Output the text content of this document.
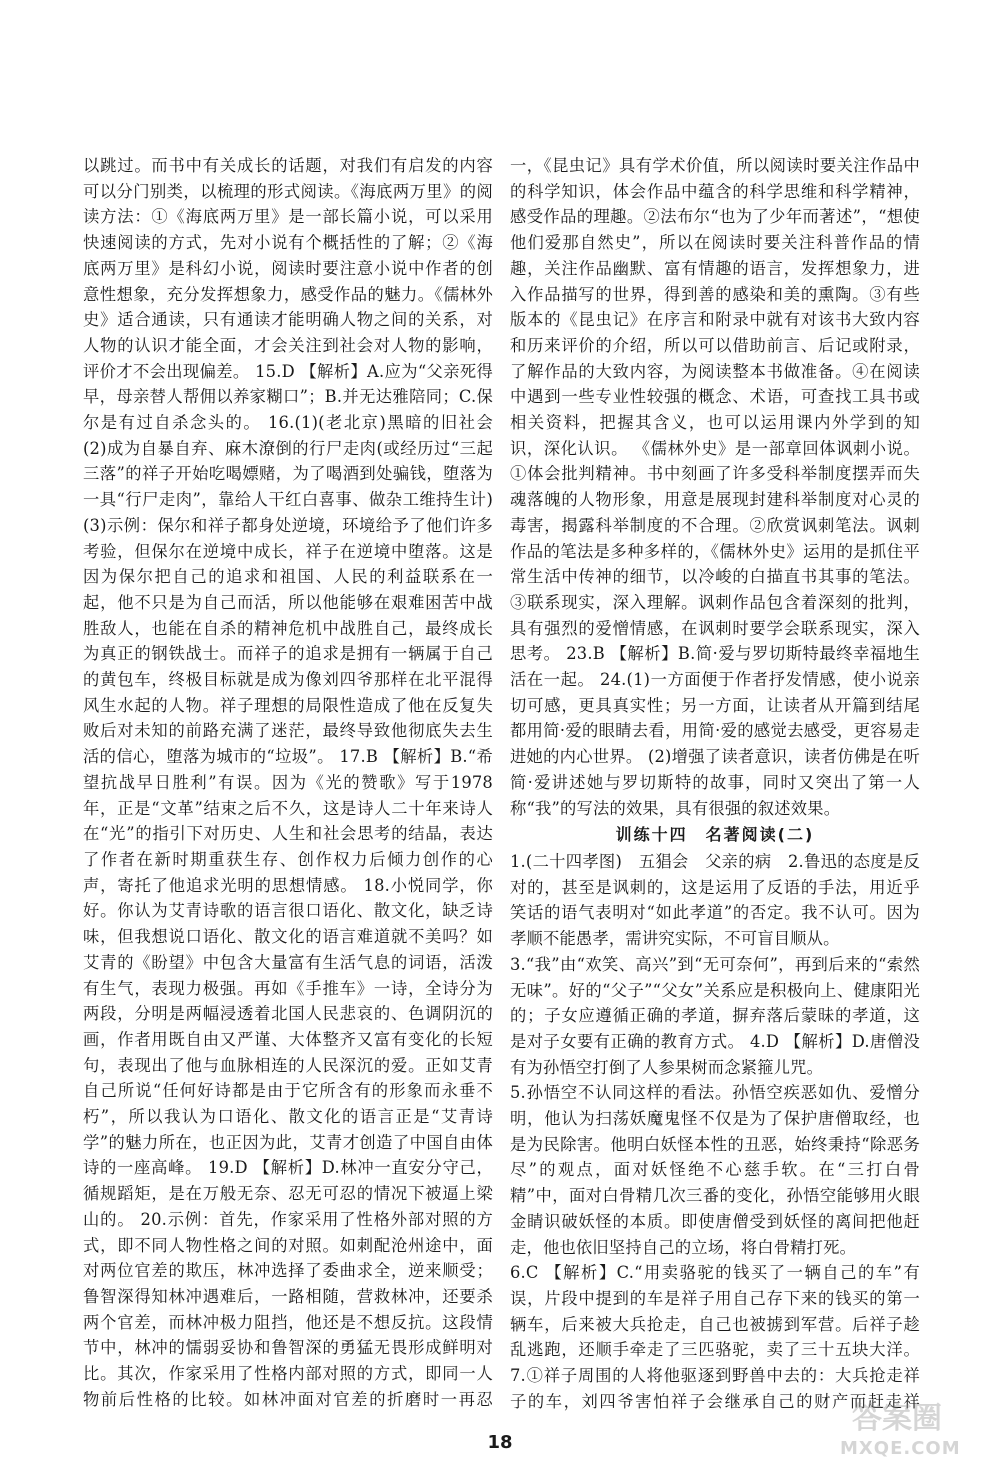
以跳过。而书中有关成长的话题，对我们有启发的内容可以分门别类，以梳理的形式阅读。《海底两万里》的阅读方法：①《海底两万里》是一部长篇小说，可以采用快速阅读的方式，先对小说有个概括性的了解；②《海底两万里》是科幻小说，阅读时要注意小说中作者的创意性想象，充分发挥想象力，感受作品的魅力。《儒林外史》适合通读，只有通读才能明确人物之间的关系，对人物的认识才能全面，才会关注到社会对人物的影响，评价才不会出现偏差。 15.D 【解析】A.应为“父亲死得早，母亲替人帮佣以养家糊口”；B.并无达雅陪同；C.保尔是有过自杀念头的。 16.(1)(老北京)黑暗的旧社会 (2)成为自暴自弃、麻木潦倒的行尸走肉(或经历过“三起三落”的祥子开始吃喝嫖赌，为了喝酒到处骗钱，堕落为一具“行尸走肉”，靠给人干红白喜事、做杂工维持生计) (3)示例：保尔和祥子都身处逆境，环境给予了他们许多考验，但保尔在逆境中成长，祥子在逆境中堕落。这是因为保尔把自己的追求和祖国、人民的利益联系在一起，他不只是为自己而活，所以他能够在艰难困苦中战胜敌人，也能在自杀的精神危机中战胜自己，最终成长为真正的钢铁战士。而祥子的追求是拥有一辆属于自己的黄包车，终极目标就是成为像刘四爷那样在北平混得风生水起的人物。祥子理想的局限性造成了他在反复失败后对未知的前路充满了迷茫，最终导致他彻底失去生活的信心，堕落为城市的“垃圾”。 17.B 【解析】B.“希望抗战早日胜利”有误。因为《光的赞歌》写于1978年，正是“文革”结束之后不久，这是诗人二十年来诗人在“光”的指引下对历史、人生和社会思考的结晶，表达了作者在新时期重获生存、创作权力后倾力创作的心声，寄托了他追求光明的思想情感。 18.小悦同学，你好。你认为艾青诗歌的语言很口语化、散文化，缺乏诗味，但我想说口语化、散文化的语言难道就不美吗？如艾青的《盼望》中包含大量富有生活气息的词语，活泼有生气，表现力极强。再如《手推车》一诗，全诗分为两段，分明是两幅浸透着北国人民悲哀的、色调阴沉的画，作者用既自由又严谨、大体整齐又富有变化的长短句，表现出了他与血脉相连的人民深沉的爱。正如艾青自己所说“任何好诗都是由于它所含有的形象而永垂不朽”，所以我认为口语化、散文化的语言正是“艾青诗学”的魅力所在，也正因为此，艾青才创造了中国自由体诗的一座高峰。 19.D 【解析】D.林冲一直安分守己，循规蹈矩，是在万般无奈、忍无可忍的情况下被逼上梁山的。 20.示例：首先，作家采用了性格外部对照的方式，即不同人物性格之间的对照。如刺配沧州途中，面对两位官差的欺压，林冲选择了委曲求全，逆来顺受；鲁智深得知林冲遇难后，一路相随，营救林冲，还要杀两个官差，而林冲极力阻挡，他还是不想反抗。这段情节中，林冲的懦弱妥协和鲁智深的勇猛无畏形成鲜明对比。其次，作家采用了性格内部对照的方式，即同一人物前后性格的比较。如林冲面对官差的折磨时一再忍

一，《昆虫记》具有学术价值，所以阅读时要关注作品中的科学知识，体会作品中蕴含的科学思维和科学精神，感受作品的理趣。②法布尔“也为了少年而著述”，“想使他们爱那自然史”，所以在阅读时要关注科普作品的情趣，关注作品幽默、富有情趣的语言，发挥想象力，进入作品描写的世界，得到善的感染和美的熏陶。③有些版本的《昆虫记》在序言和附录中就有对该书大致内容和历来评价的介绍，所以可以借助前言、后记或附录，了解作品的大致内容，为阅读整本书做准备。④在阅读中遇到一些专业性较强的概念、术语，可查找工具书或相关资料，把握其含义，也可以运用课内外学到的知识，深化认识。 《儒林外史》是一部章回体讽刺小说。①体会批判精神。书中刻画了许多受科举制度摆弄而失魂落魄的人物形象，用意是展现封建科举制度对心灵的毒害，揭露科举制度的不合理。②欣赏讽刺笔法。讽刺作品的笔法是多种多样的，《儒林外史》运用的是抓住平常生活中传神的细节，以冷峻的白描直书其事的笔法。③联系现实，深入理解。讽刺作品包含着深刻的批判，具有强烈的爱憎情感，在讽刺时要学会联系现实，深入思考。 23.B 【解析】B.简·爱与罗切斯特最终幸福地生活在一起。 24.(1)一方面便于作者抒发情感，使小说亲切可感，更具真实性；另一方面，让读者从开篇到结尾都用简·爱的眼睛去看，用简·爱的感觉去感受，更容易走进她的内心世界。 (2)增强了读者意识，读者仿佛是在听简·爱讲述她与罗切斯特的故事，同时又突出了第一人称“我”的写法的效果，具有很强的叙述效果。

训练十四　名著阅读(二)

1.(二十四孝图)　五猖会　父亲的病　2.鲁迅的态度是反对的，甚至是讽刺的，这是运用了反语的手法，用近乎笑话的语气表明对“如此孝道”的否定。我不认可。因为孝顺不能愚孝，需讲究实际，不可盲目顺从。

3.“我”由“欢笑、高兴”到“无可奈何”，再到后来的“索然无味”。好的“父子”“父女”关系应是积极向上、健康阳光的；子女应遵循正确的孝道，摒弃落后蒙昧的孝道，这是对子女要有正确的教育方式。 4.D 【解析】D.唐僧没有为孙悟空打倒了人参果树而念紧箍儿咒。

5.孙悟空不认同这样的看法。孙悟空疾恶如仇、爱憎分明，他认为扫荡妖魔鬼怪不仅是为了保护唐僧取经，也是为民除害。他明白妖怪本性的丑恶，始终秉持“除恶务尽”的观点，面对妖怪绝不心慈手软。在“三打白骨精”中，面对白骨精几次三番的变化，孙悟空能够用火眼金睛识破妖怪的本质。即使唐僧受到妖怪的离间把他赶走，他也依旧坚持自己的立场，将白骨精打死。

6.C 【解析】C.“用卖骆驼的钱买了一辆自己的车”有误，片段中提到的车是祥子用自己存下来的钱买的第一辆车，后来被大兵抢走，自己也被掳到军营。后祥子趁乱逃跑，还顺手牵走了三匹骆驼，卖了三十五块大洋。 7.①祥子周围的人将他驱逐到野兽中去的：大兵抢走祥子的车，刘四爷害怕祥子会继承自己的财产而赶走祥

18
答案圈
MXQE.COM
